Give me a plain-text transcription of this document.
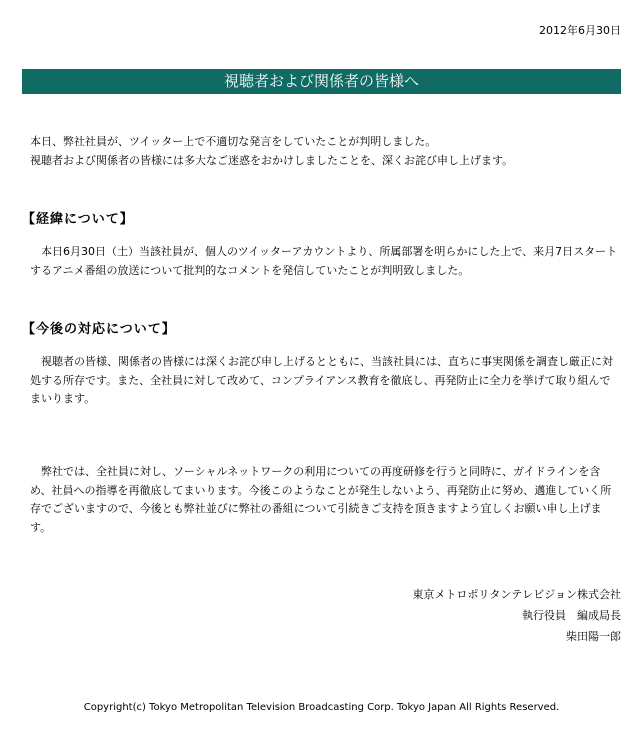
2012年6月30日
視聴者および関係者の皆様へ

本日、弊社社員が、ツイッター上で不適切な発言をしていたことが判明しました。
視聴者および関係者の皆様には多大なご迷惑をおかけしましたことを、深くお詫び申し上げます。

【経緯について】

本日6月30日（土）当該社員が、個人のツイッターアカウントより、所属部署を明らかにした上で、来月7日スタートするアニメ番組の放送について批判的なコメントを発信していたことが判明致しました。

【今後の対応について】

視聴者の皆様、関係者の皆様には深くお詫び申し上げるとともに、当該社員には、直ちに事実関係を調査し厳正に対処する所存です。また、全社員に対して改めて、コンプライアンス教育を徹底し、再発防止に全力を挙げて取り組んでまいります。

弊社では、全社員に対し、ソーシャルネットワークの利用についての再度研修を行うと同時に、ガイドラインを含め、社員への指導を再徹底してまいります。今後このようなことが発生しないよう、再発防止に努め、邁進していく所存でございますので、今後とも弊社並びに弊社の番組について引続きご支持を頂きますよう宜しくお願い申し上げます。

東京メトロポリタンテレビジョン株式会社
執行役員　編成局長
柴田陽一郎
Copyright(c) Tokyo Metropolitan Television Broadcasting Corp. Tokyo Japan All Rights Reserved.
